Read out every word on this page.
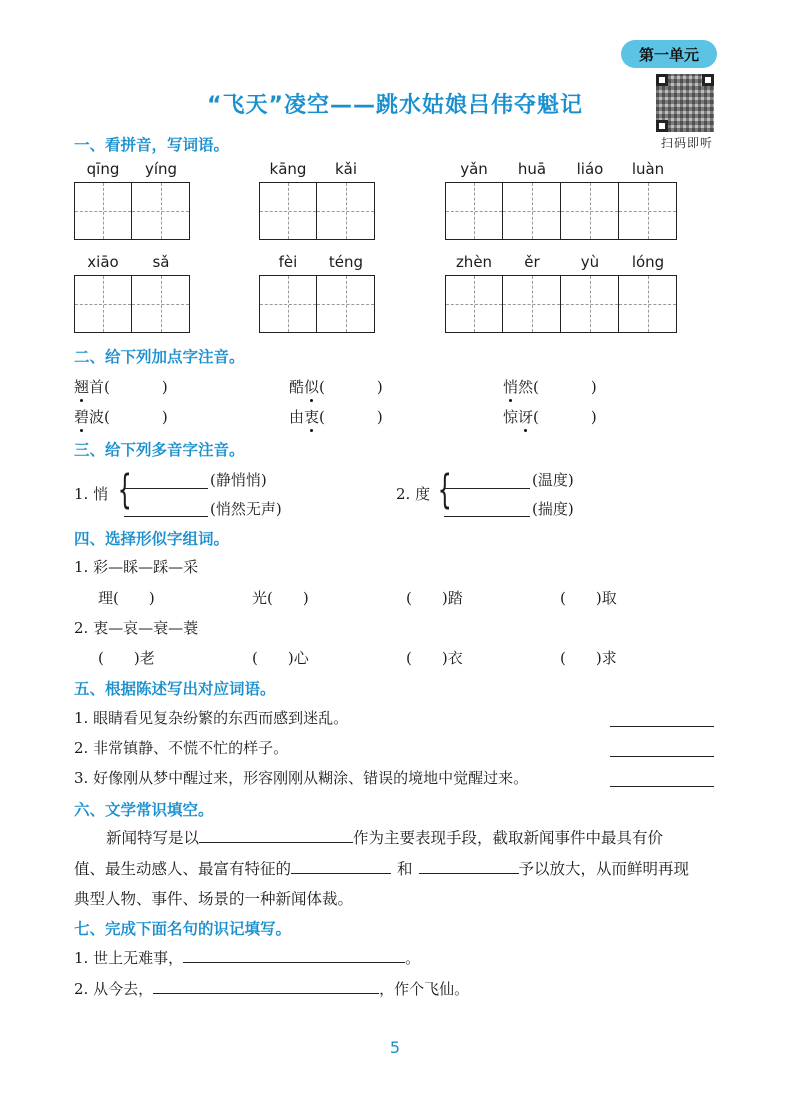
第一单元
“飞天”凌空——跳水姑娘吕伟夺魁记
扫码即听
一、看拼音，写词语。
qīng	yíng	kāng	kǎi	yǎn	huā	liáo	luàn
xiāo	sǎ	fèi	téng	zhèn	ěr	yù	lóng
二、给下列加点字注音。
翘首(	)	酷似(	)	悄然(	)
碧波(	)	由衷(	)	惊讶(	)
三、给下列多音字注音。
1. 悄 {	(静悄悄)
(悄然无声)
2. 度 {	(温度)
(揣度)
四、选择形似字组词。
1. 彩—睬—踩—采
理(　　)	光(　　)	(　　)踏	(　　)取
2. 衷—哀—衰—蓑
(　　)老	(　　)心	(　　)衣	(　　)求
五、根据陈述写出对应词语。
1. 眼睛看见复杂纷繁的东西而感到迷乱。
2. 非常镇静、不慌不忙的样子。
3. 好像刚从梦中醒过来，形容刚刚从糊涂、错误的境地中觉醒过来。
六、文学常识填空。
新闻特写是以	作为主要表现手段，截取新闻事件中最具有价
值、最生动感人、最富有特征的	和	予以放大，从而鲜明再现
典型人物、事件、场景的一种新闻体裁。
七、完成下面名句的识记填写。
1. 世上无难事，	。
2. 从今去，	，作个飞仙。
5
